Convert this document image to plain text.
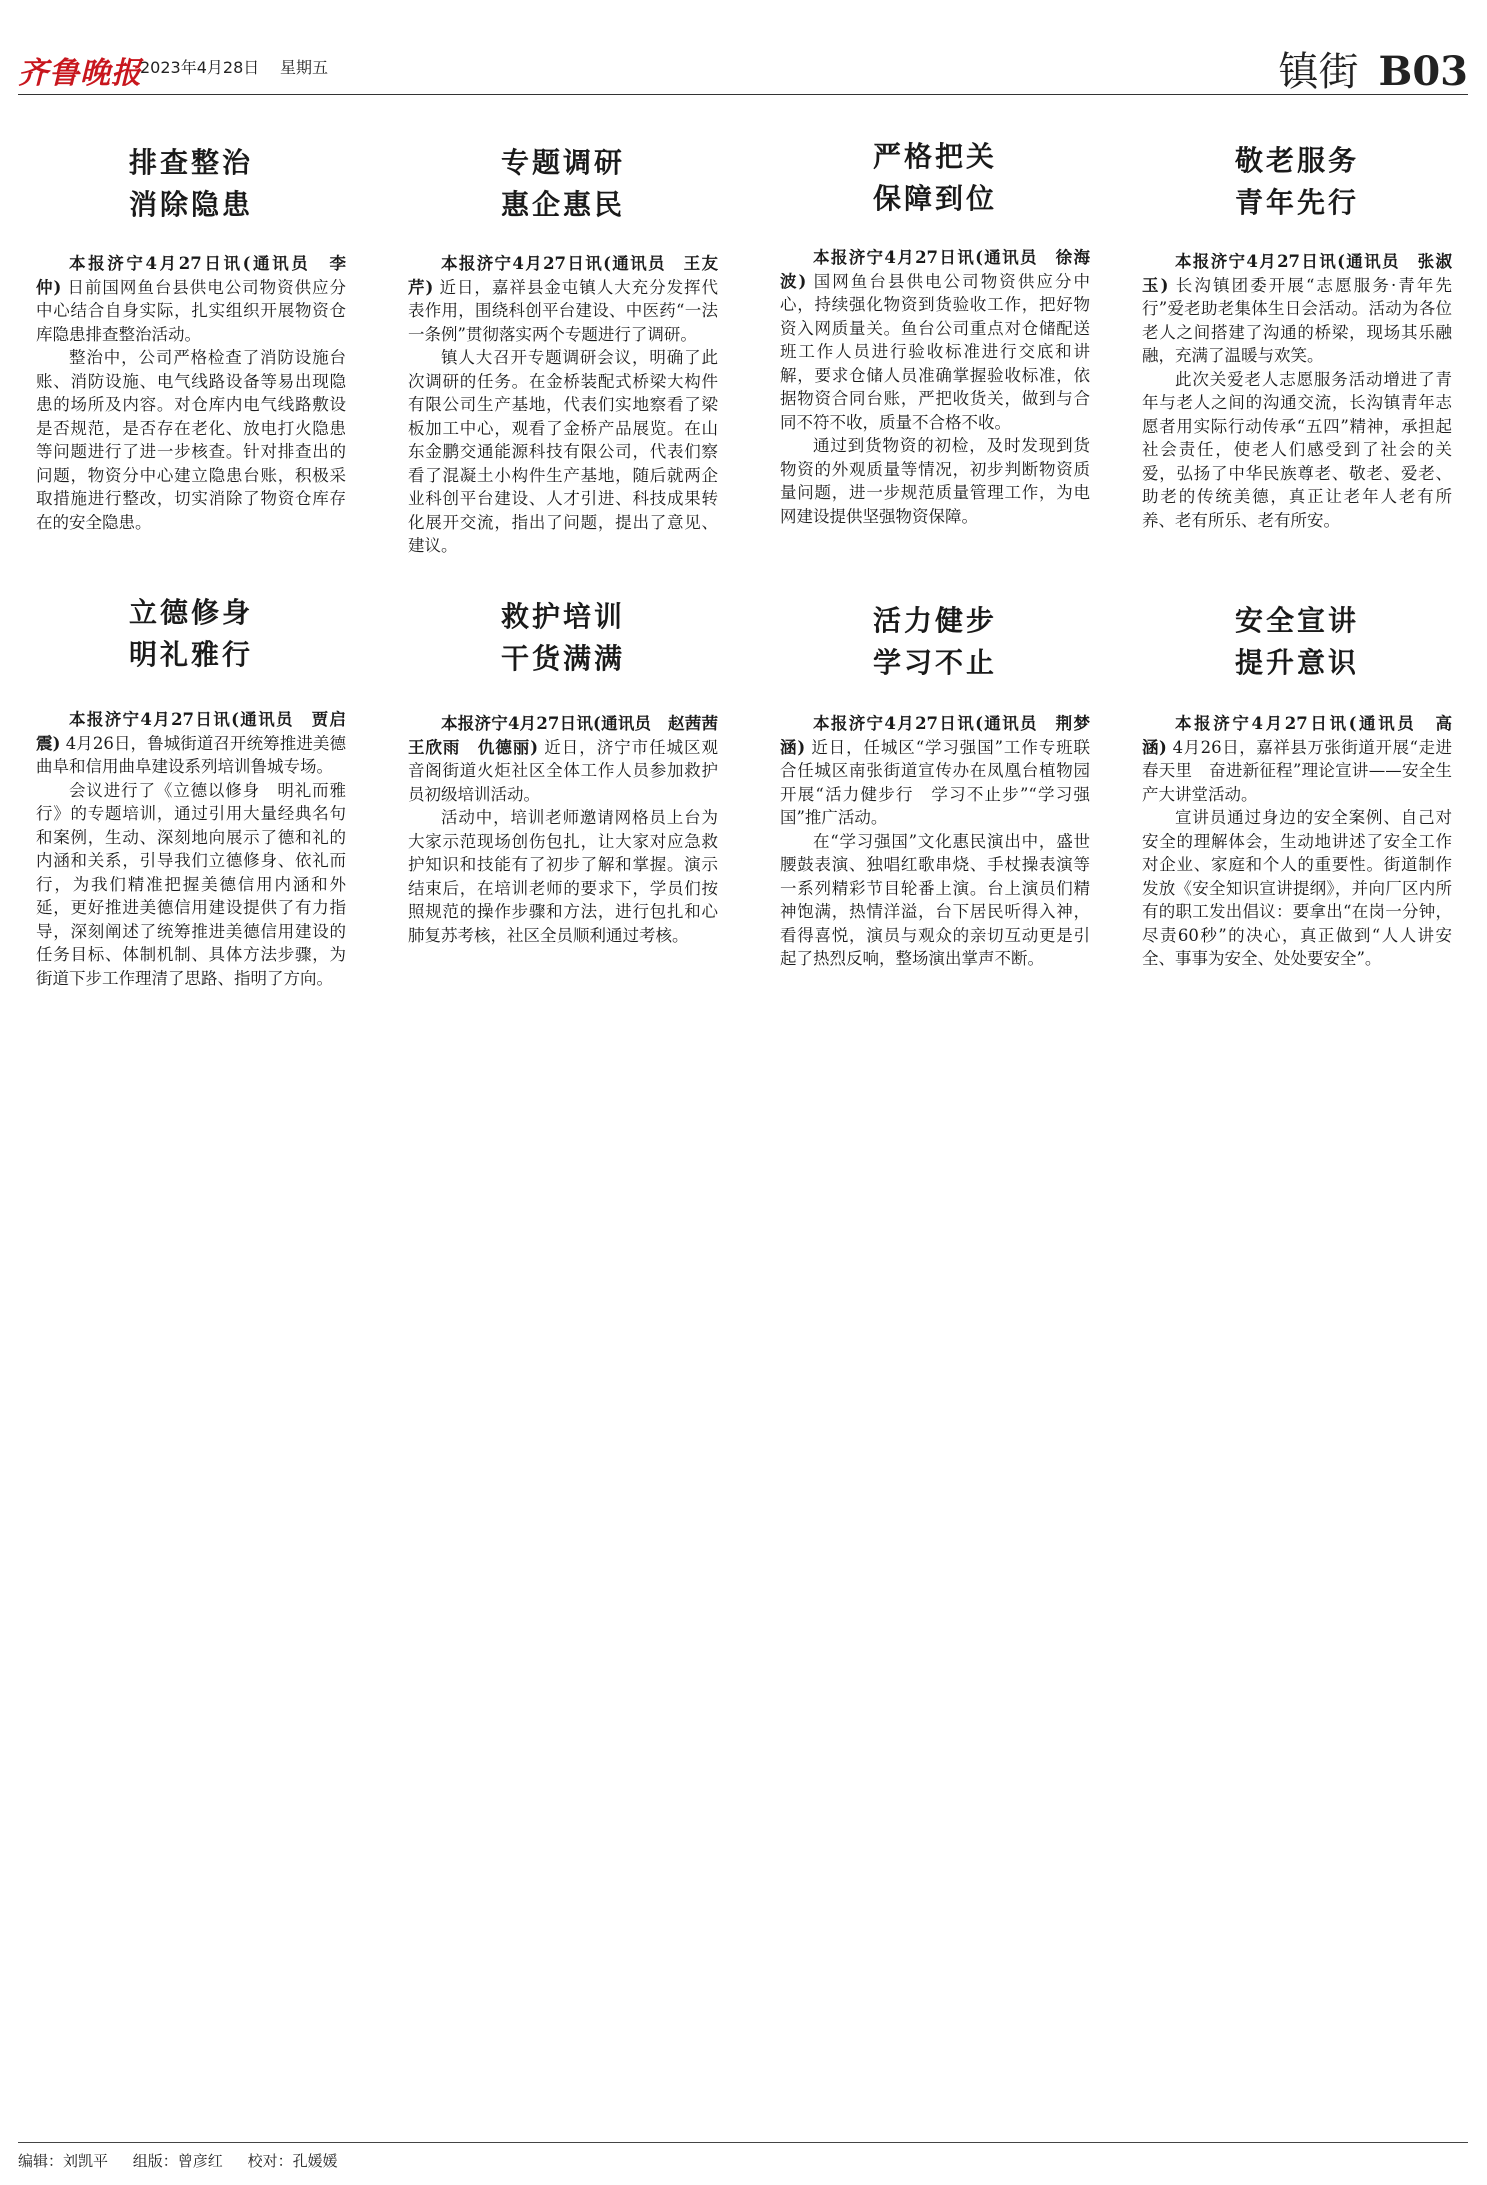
齐鲁晚报
2023年4月28日 星期五	镇街 B03
排查整治
消除隐患

本报济宁4月27日讯(通讯员　李仲) 日前国网鱼台县供电公司物资供应分中心结合自身实际，扎实组织开展物资仓库隐患排查整治活动。

整治中，公司严格检查了消防设施台账、消防设施、电气线路设备等易出现隐患的场所及内容。对仓库内电气线路敷设是否规范，是否存在老化、放电打火隐患等问题进行了进一步核查。针对排查出的问题，物资分中心建立隐患台账，积极采取措施进行整改，切实消除了物资仓库存在的安全隐患。

专题调研
惠企惠民

本报济宁4月27日讯(通讯员　王友芹) 近日，嘉祥县金屯镇人大充分发挥代表作用，围绕科创平台建设、中医药“一法一条例”贯彻落实两个专题进行了调研。

镇人大召开专题调研会议，明确了此次调研的任务。在金桥装配式桥梁大构件有限公司生产基地，代表们实地察看了梁板加工中心，观看了金桥产品展览。在山东金鹏交通能源科技有限公司，代表们察看了混凝土小构件生产基地，随后就两企业科创平台建设、人才引进、科技成果转化展开交流，指出了问题，提出了意见、建议。

严格把关
保障到位

本报济宁4月27日讯(通讯员　徐海波) 国网鱼台县供电公司物资供应分中心，持续强化物资到货验收工作，把好物资入网质量关。鱼台公司重点对仓储配送班工作人员进行验收标准进行交底和讲解，要求仓储人员准确掌握验收标准，依据物资合同台账，严把收货关，做到与合同不符不收，质量不合格不收。

通过到货物资的初检，及时发现到货物资的外观质量等情况，初步判断物资质量问题，进一步规范质量管理工作，为电网建设提供坚强物资保障。

敬老服务
青年先行

本报济宁4月27日讯(通讯员　张淑玉) 长沟镇团委开展“志愿服务·青年先行”爱老助老集体生日会活动。活动为各位老人之间搭建了沟通的桥梁，现场其乐融融，充满了温暖与欢笑。

此次关爱老人志愿服务活动增进了青年与老人之间的沟通交流，长沟镇青年志愿者用实际行动传承“五四”精神，承担起社会责任，使老人们感受到了社会的关爱，弘扬了中华民族尊老、敬老、爱老、助老的传统美德，真正让老年人老有所养、老有所乐、老有所安。

立德修身
明礼雅行

本报济宁4月27日讯(通讯员　贾启震) 4月26日，鲁城街道召开统筹推进美德曲阜和信用曲阜建设系列培训鲁城专场。

会议进行了《立德以修身　明礼而雅行》的专题培训，通过引用大量经典名句和案例，生动、深刻地向展示了德和礼的内涵和关系，引导我们立德修身、依礼而行，为我们精准把握美德信用内涵和外延，更好推进美德信用建设提供了有力指导，深刻阐述了统筹推进美德信用建设的任务目标、体制机制、具体方法步骤，为街道下步工作理清了思路、指明了方向。

救护培训
干货满满

本报济宁4月27日讯(通讯员　赵茜茜　王欣雨　仇德丽) 近日，济宁市任城区观音阁街道火炬社区全体工作人员参加救护员初级培训活动。

活动中，培训老师邀请网格员上台为大家示范现场创伤包扎，让大家对应急救护知识和技能有了初步了解和掌握。演示结束后，在培训老师的要求下，学员们按照规范的操作步骤和方法，进行包扎和心肺复苏考核，社区全员顺利通过考核。

活力健步
学习不止

本报济宁4月27日讯(通讯员　荆梦涵) 近日，任城区“学习强国”工作专班联合任城区南张街道宣传办在凤凰台植物园开展“活力健步行　学习不止步”“学习强国”推广活动。

在“学习强国”文化惠民演出中，盛世腰鼓表演、独唱红歌串烧、手杖操表演等一系列精彩节目轮番上演。台上演员们精神饱满，热情洋溢，台下居民听得入神，看得喜悦，演员与观众的亲切互动更是引起了热烈反响，整场演出掌声不断。

安全宣讲
提升意识

本报济宁4月27日讯(通讯员　高涵) 4月26日，嘉祥县万张街道开展“走进春天里　奋进新征程”理论宣讲——安全生产大讲堂活动。

宣讲员通过身边的安全案例、自己对安全的理解体会，生动地讲述了安全工作对企业、家庭和个人的重要性。街道制作发放《安全知识宣讲提纲》，并向厂区内所有的职工发出倡议：要拿出“在岗一分钟，尽责60秒”的决心，真正做到“人人讲安全、事事为安全、处处要安全”。

编辑：刘凯平 组版：曾彦红 校对：孔媛媛
